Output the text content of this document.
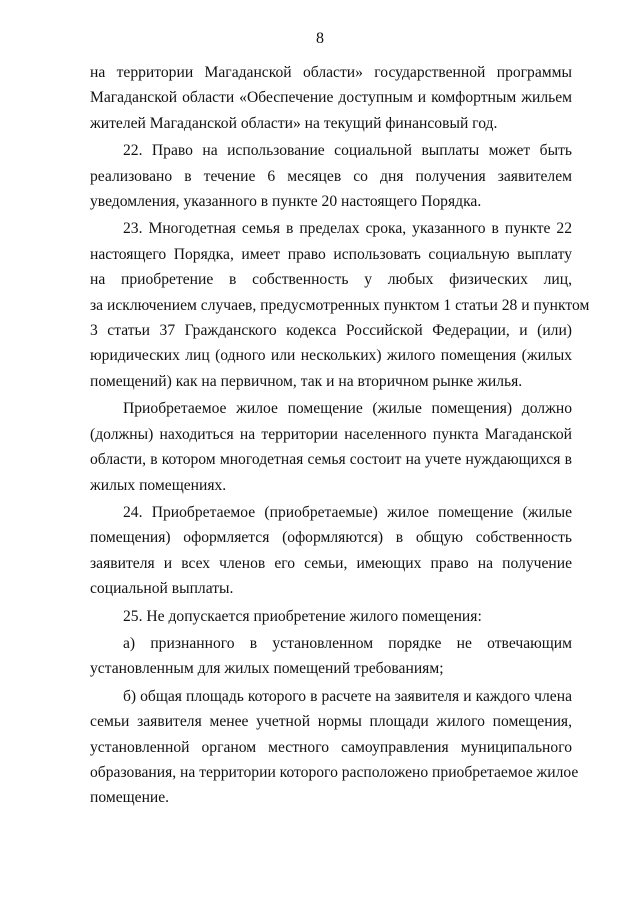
8
на территории Магаданской области» государственной программы
Магаданской области «Обеспечение доступным и комфортным жильем
жителей Магаданской области» на текущий финансовый год.
22. Право на использование социальной выплаты может быть
реализовано в течение 6 месяцев со дня получения заявителем
уведомления, указанного в пункте 20 настоящего Порядка.
23. Многодетная семья в пределах срока, указанного в пункте 22
настоящего Порядка, имеет право использовать социальную выплату
на приобретение в собственность у любых физических лиц,
за исключением случаев, предусмотренных пунктом 1 статьи 28 и пунктом
3 статьи 37 Гражданского кодекса Российской Федерации, и (или)
юридических лиц (одного или нескольких) жилого помещения (жилых
помещений) как на первичном, так и на вторичном рынке жилья.
Приобретаемое жилое помещение (жилые помещения) должно
(должны) находиться на территории населенного пункта Магаданской
области, в котором многодетная семья состоит на учете нуждающихся в
жилых помещениях.
24. Приобретаемое (приобретаемые) жилое помещение (жилые
помещения) оформляется (оформляются) в общую собственность
заявителя и всех членов его семьи, имеющих право на получение
социальной выплаты.
25. Не допускается приобретение жилого помещения:
а) признанного в установленном порядке не отвечающим
установленным для жилых помещений требованиям;
б) общая площадь которого в расчете на заявителя и каждого члена
семьи заявителя менее учетной нормы площади жилого помещения,
установленной органом местного самоуправления муниципального
образования, на территории которого расположено приобретаемое жилое
помещение.
